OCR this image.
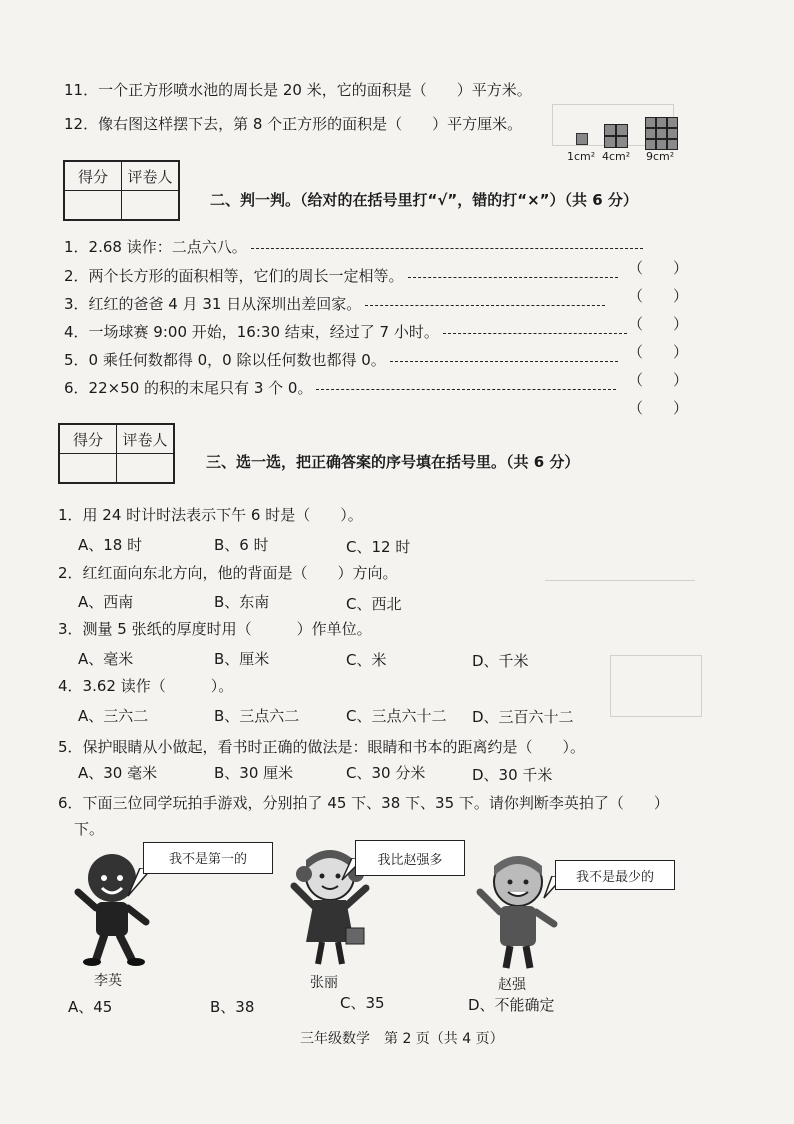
11．一个正方形喷水池的周长是 20 米，它的面积是（　　）平方米。
12．像右图这样摆下去，第 8 个正方形的面积是（　　）平方厘米。
1cm² 4cm² 9cm²
得分	评卷人

二、判一判。（给对的在括号里打“√”，错的打“×”）（共 6 分）
1．2.68 读作：二点六八。
（　　）
2．两个长方形的面积相等，它们的周长一定相等。
（　　）
3．红红的爸爸 4 月 31 日从深圳出差回家。
（　　）
4．一场球赛 9:00 开始，16:30 结束，经过了 7 小时。
（　　）
5．0 乘任何数都得 0，0 除以任何数也都得 0。
（　　）
6．22×50 的积的末尾只有 3 个 0。
（　　）
得分	评卷人

三、选一选，把正确答案的序号填在括号里。（共 6 分）
1．用 24 时计时法表示下午 6 时是（　　）。
A、18 时	B、6 时	C、12 时
2．红红面向东北方向，他的背面是（　　）方向。
A、西南	B、东南	C、西北
3．测量 5 张纸的厚度时用（　　　）作单位。
A、毫米	B、厘米	C、米	D、千米
4．3.62 读作（　　　）。
A、三六二	B、三点六二	C、三点六十二 D、三百六十二
5．保护眼睛从小做起，看书时正确的做法是：眼睛和书本的距离约是（　　）。
A、30 毫米	B、30 厘米	C、30 分米	D、30 千米
6．下面三位同学玩拍手游戏，分别拍了 45 下、38 下、35 下。请你判断李英拍了（　　）
下。
我不是第一的
李英
我比赵强多
张丽
我不是最少的
赵强
A、45	B、38	C、35	D、不能确定
三年级数学　第 2 页（共 4 页）
